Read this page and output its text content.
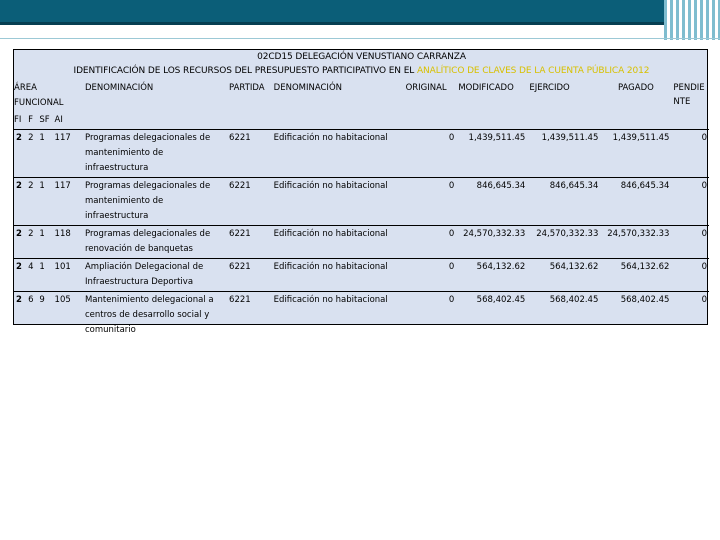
02CD15 DELEGACIÓN VENUSTIANO CARRANZA
IDENTIFICACIÓN DE LOS RECURSOS DEL PRESUPUESTO PARTICIPATIVO EN EL ANALÍTICO DE CLAVES DE LA CUENTA PÚBLICA 2012
ÁREA
FUNCIONAL				DENOMINACIÓN	PARTIDA	DENOMINACIÓN	ORIGINAL	MODIFICADO	EJERCIDO	PAGADO	PENDIE NTE
FI	F	SF	AI								
2	2	1	117	Programas delegacionales de mantenimiento de infraestructura	6221	Edificación no habitacional	0	1,439,511.45	1,439,511.45	1,439,511.45	0
2	2	1	117	Programas delegacionales de mantenimiento de infraestructura	6221	Edificación no habitacional	0	846,645.34	846,645.34	846,645.34	0
2	2	1	118	Programas delegacionales de renovación de banquetas	6221	Edificación no habitacional	0	24,570,332.33	24,570,332.33	24,570,332.33	0
2	4	1	101	Ampliación Delegacional de Infraestructura Deportiva	6221	Edificación no habitacional	0	564,132.62	564,132.62	564,132.62	0
2	6	9	105	Mantenimiento delegacional a centros de desarrollo social y comunitario	6221	Edificación no habitacional	0	568,402.45	568,402.45	568,402.45	0
